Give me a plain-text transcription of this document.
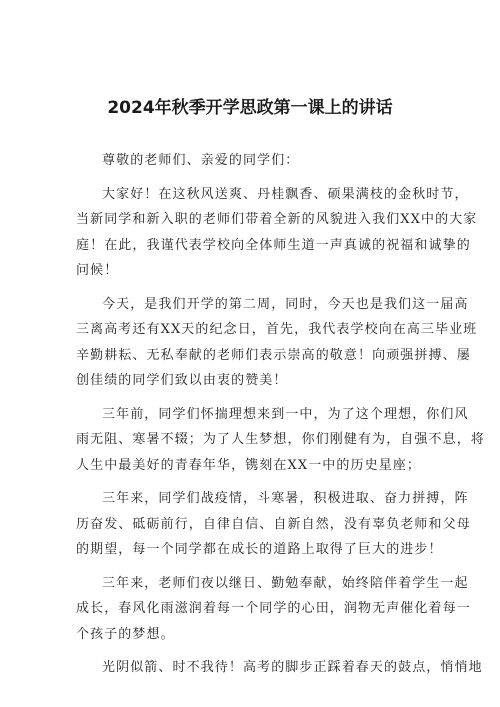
2024年秋季开学思政第一课上的讲话
尊敬的老师们、亲爱的同学们：
大家好！在这秋风送爽、丹桂飘香、硕果满枝的金秋时节，
当新同学和新入职的老师们带着全新的风貌进入我们XX中的大家
庭！在此，我谨代表学校向全体师生道一声真诚的祝福和诚挚的
问候！
今天，是我们开学的第二周，同时，今天也是我们这一届高
三离高考还有XX天的纪念日，首先，我代表学校向在高三毕业班
辛勤耕耘、无私奉献的老师们表示崇高的敬意！向顽强拼搏、屡
创佳绩的同学们致以由衷的赞美！
三年前，同学们怀揣理想来到一中，为了这个理想，你们风
雨无阻、寒暑不辍；为了人生梦想，你们刚健有为，自强不息，将
人生中最美好的青春年华，镌刻在XX一中的历史星座；
三年来，同学们战疫情，斗寒暑，积极进取、奋力拼搏，阵
历奋发、砥砺前行，自律自信、自新自然，没有辜负老师和父母
的期望，每一个同学都在成长的道路上取得了巨大的进步！
三年来，老师们夜以继日、勤勉奉献，始终陪伴着学生一起
成长，春风化雨滋润着每一个同学的心田，润物无声催化着每一
个孩子的梦想。
光阴似箭、时不我待！高考的脚步正踩着春天的鼓点，悄悄地
